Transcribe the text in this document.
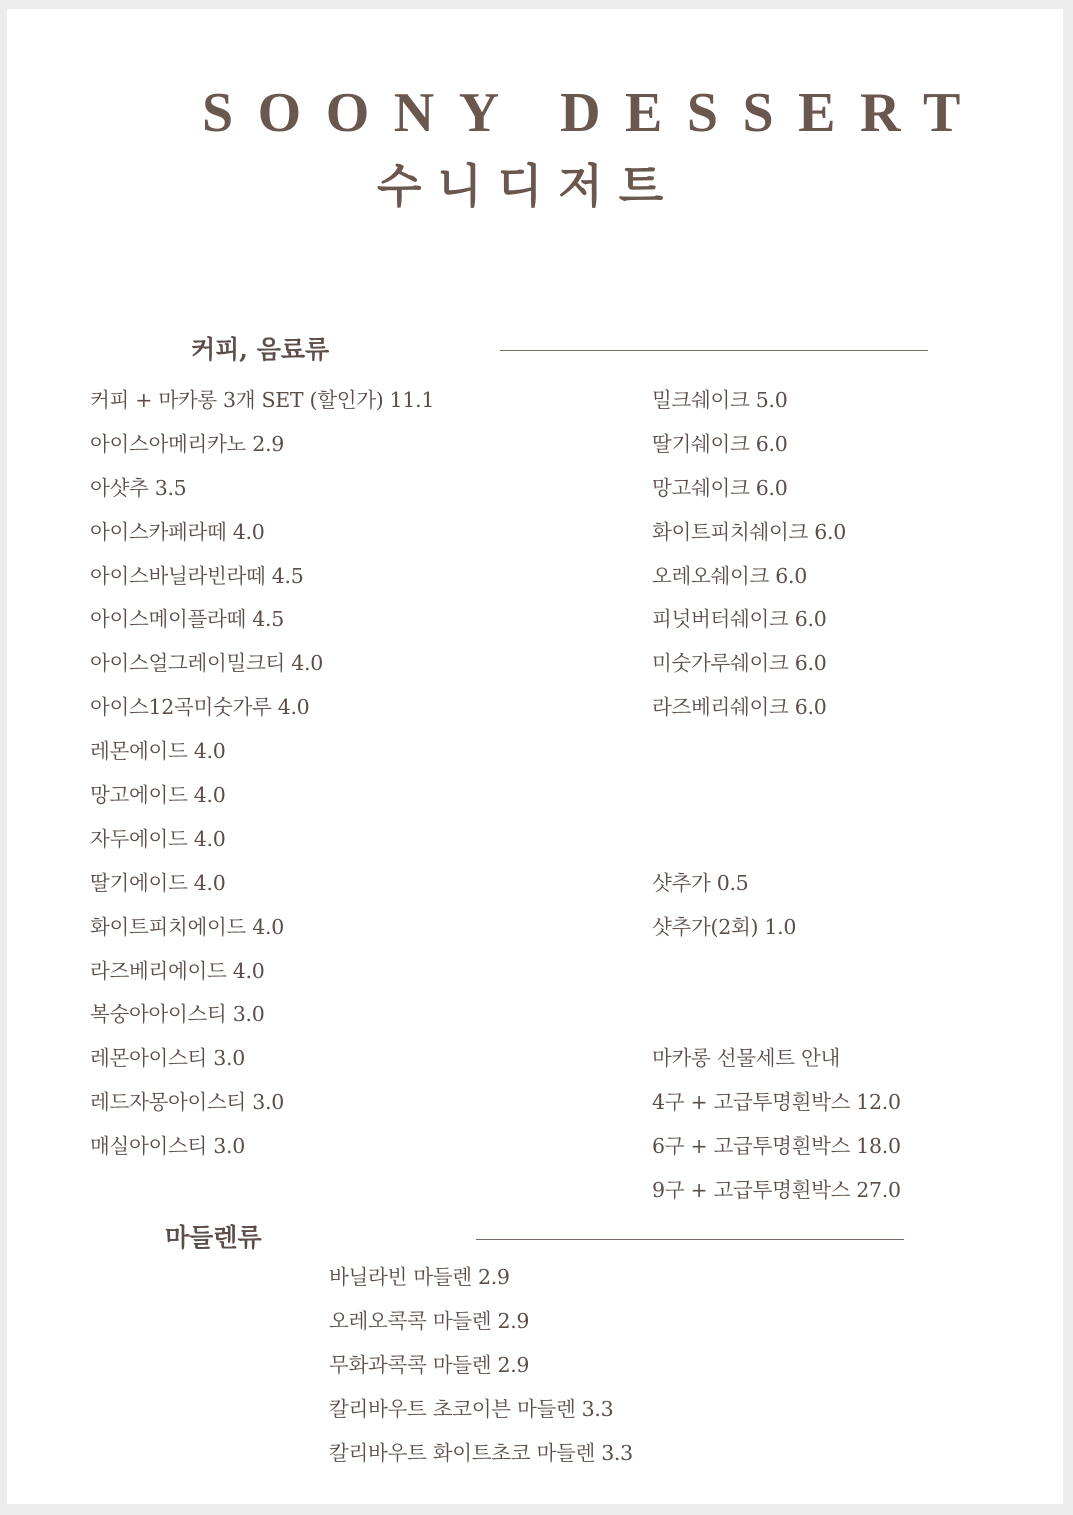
SOONY DESSERT
수니디저트
커피, 음료류
커피 + 마카롱 3개 SET (할인가) 11.1
아이스아메리카노 2.9
아샷추 3.5
아이스카페라떼 4.0
아이스바닐라빈라떼 4.5
아이스메이플라떼 4.5
아이스얼그레이밀크티 4.0
아이스12곡미숫가루 4.0
레몬에이드 4.0
망고에이드 4.0
자두에이드 4.0
딸기에이드 4.0
화이트피치에이드 4.0
라즈베리에이드 4.0
복숭아아이스티 3.0
레몬아이스티 3.0
레드자몽아이스티 3.0
매실아이스티 3.0
밀크쉐이크 5.0
딸기쉐이크 6.0
망고쉐이크 6.0
화이트피치쉐이크 6.0
오레오쉐이크 6.0
피넛버터쉐이크 6.0
미숫가루쉐이크 6.0
라즈베리쉐이크 6.0
샷추가 0.5
샷추가(2회) 1.0
마카롱 선물세트 안내
4구 + 고급투명흰박스 12.0
6구 + 고급투명흰박스 18.0
9구 + 고급투명흰박스 27.0
마들렌류
바닐라빈 마들렌 2.9
오레오콕콕 마들렌 2.9
무화과콕콕 마들렌 2.9
칼리바우트 초코이븐 마들렌 3.3
칼리바우트 화이트초코 마들렌 3.3
